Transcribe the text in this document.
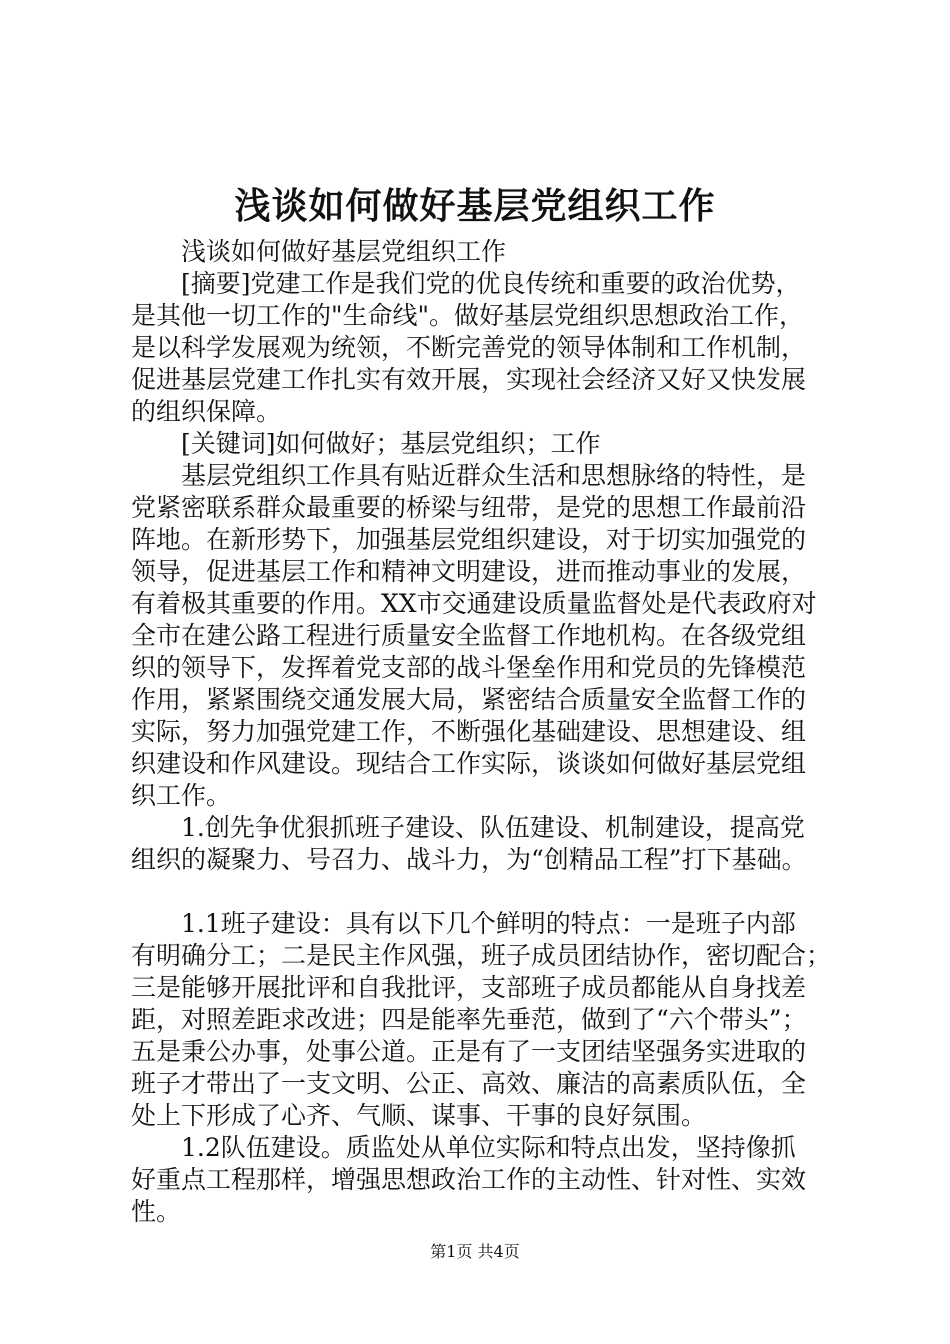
浅谈如何做好基层党组织工作
浅谈如何做好基层党组织工作
[摘要]党建工作是我们党的优良传统和重要的政治优势，
是其他一切工作的"生命线"。做好基层党组织思想政治工作，
是以科学发展观为统领，不断完善党的领导体制和工作机制，
促进基层党建工作扎实有效开展，实现社会经济又好又快发展
的组织保障。
[关键词]如何做好；基层党组织；工作
基层党组织工作具有贴近群众生活和思想脉络的特性，是
党紧密联系群众最重要的桥梁与纽带，是党的思想工作最前沿
阵地。在新形势下，加强基层党组织建设，对于切实加强党的
领导，促进基层工作和精神文明建设，进而推动事业的发展，
有着极其重要的作用。XX市交通建设质量监督处是代表政府对
全市在建公路工程进行质量安全监督工作地机构。在各级党组
织的领导下，发挥着党支部的战斗堡垒作用和党员的先锋模范
作用，紧紧围绕交通发展大局，紧密结合质量安全监督工作的
实际，努力加强党建工作，不断强化基础建设、思想建设、组
织建设和作风建设。现结合工作实际，谈谈如何做好基层党组
织工作。
1.创先争优狠抓班子建设、队伍建设、机制建设，提高党
组织的凝聚力、号召力、战斗力，为“创精品工程”打下基础。
1.1班子建设：具有以下几个鲜明的特点：一是班子内部
有明确分工；二是民主作风强，班子成员团结协作，密切配合；
三是能够开展批评和自我批评，支部班子成员都能从自身找差
距，对照差距求改进；四是能率先垂范，做到了“六个带头”；
五是秉公办事，处事公道。正是有了一支团结坚强务实进取的
班子才带出了一支文明、公正、高效、廉洁的高素质队伍，全
处上下形成了心齐、气顺、谋事、干事的良好氛围。
1.2队伍建设。质监处从单位实际和特点出发，坚持像抓
好重点工程那样，增强思想政治工作的主动性、针对性、实效
性。
第1页 共4页
